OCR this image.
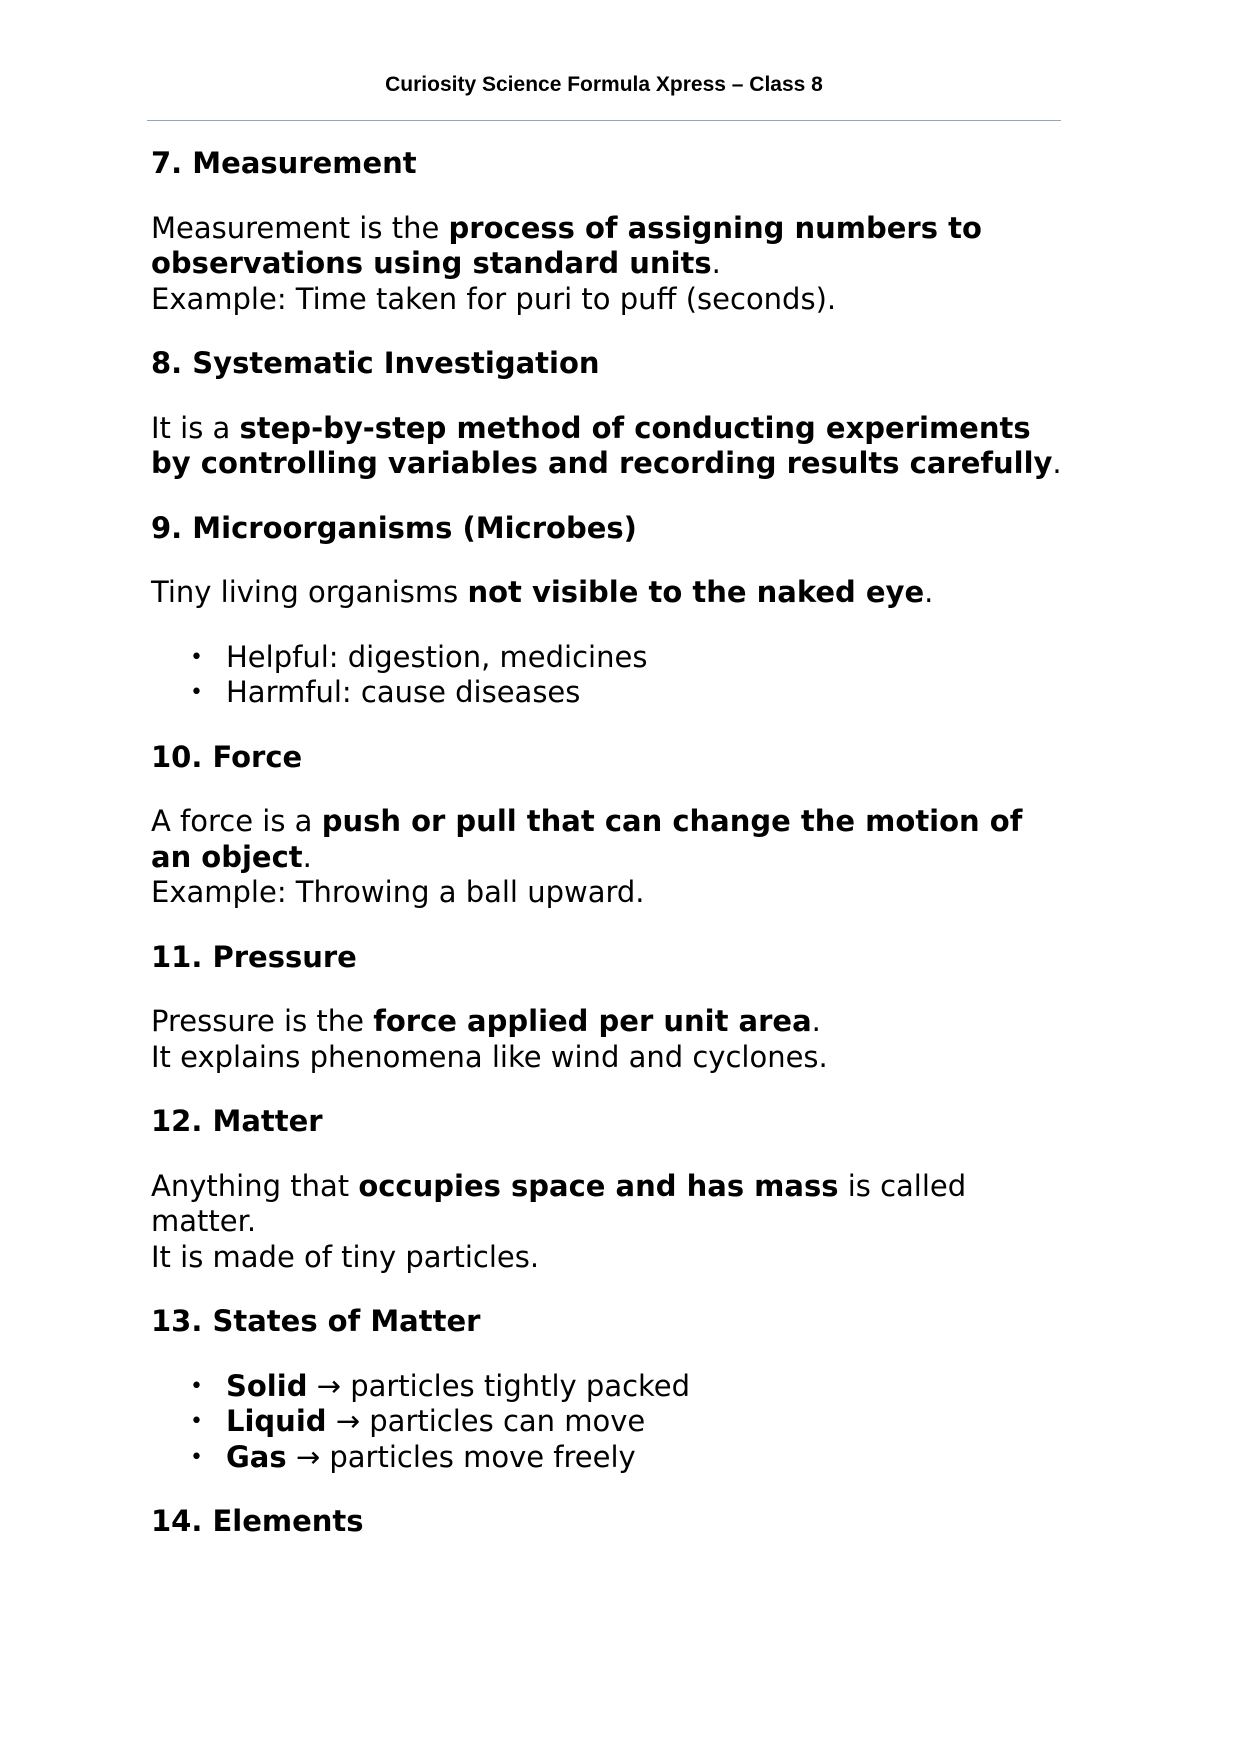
Curiosity Science Formula Xpress – Class 8
7. Measurement

Measurement is the process of assigning numbers to observations using standard units.
Example: Time taken for puri to puff (seconds).

8. Systematic Investigation

It is a step-by-step method of conducting experiments by controlling variables and recording results carefully.

9. Microorganisms (Microbes)

Tiny living organisms not visible to the naked eye.

• Helpful: digestion, medicines
• Harmful: cause diseases
10. Force

A force is a push or pull that can change the motion of an object.
Example: Throwing a ball upward.

11. Pressure

Pressure is the force applied per unit area.
It explains phenomena like wind and cyclones.

12. Matter

Anything that occupies space and has mass is called matter.
It is made of tiny particles.

13. States of Matter
• Solid → particles tightly packed
• Liquid → particles can move
• Gas → particles move freely
14. Elements
